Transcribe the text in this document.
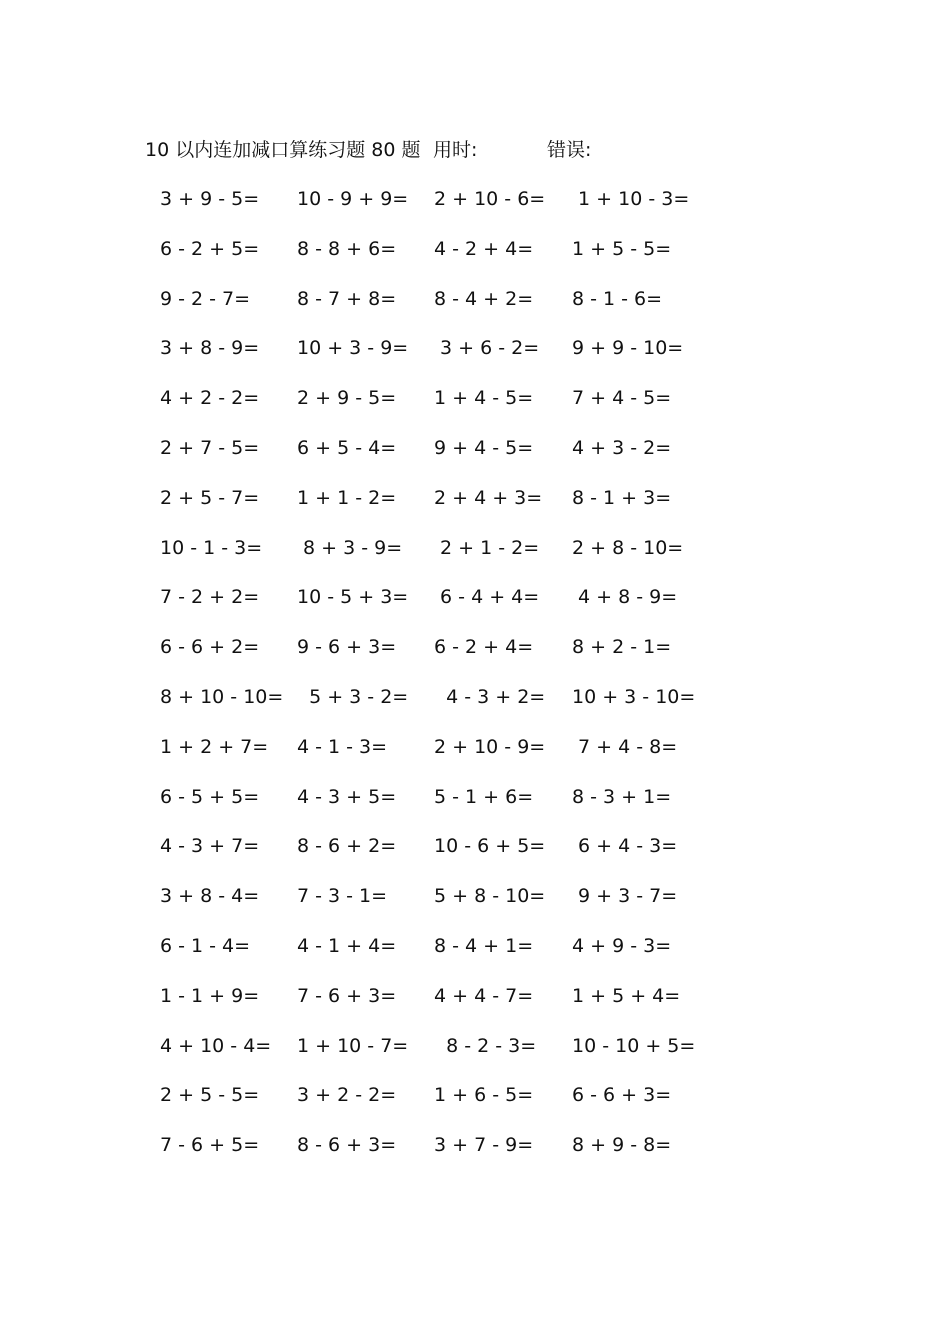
10 以内连加减口算练习题 80 题 用时:	错误:
3 + 9 - 5= 10 - 9 + 9= 2 + 10 - 6= 1 + 10 - 3=
6 - 2 + 5= 8 - 8 + 6= 4 - 2 + 4= 1 + 5 - 5=
9 - 2 - 7= 8 - 7 + 8= 8 - 4 + 2= 8 - 1 - 6=
3 + 8 - 9= 10 + 3 - 9= 3 + 6 - 2= 9 + 9 - 10=
4 + 2 - 2= 2 + 9 - 5= 1 + 4 - 5= 7 + 4 - 5=
2 + 7 - 5= 6 + 5 - 4= 9 + 4 - 5= 4 + 3 - 2=
2 + 5 - 7= 1 + 1 - 2= 2 + 4 + 3= 8 - 1 + 3=
10 - 1 - 3= 8 + 3 - 9= 2 + 1 - 2= 2 + 8 - 10=
7 - 2 + 2= 10 - 5 + 3= 6 - 4 + 4= 4 + 8 - 9=
6 - 6 + 2= 9 - 6 + 3= 6 - 2 + 4= 8 + 2 - 1=
8 + 10 - 10= 5 + 3 - 2= 4 - 3 + 2= 10 + 3 - 10=
1 + 2 + 7= 4 - 1 - 3= 2 + 10 - 9= 7 + 4 - 8=
6 - 5 + 5= 4 - 3 + 5= 5 - 1 + 6= 8 - 3 + 1=
4 - 3 + 7= 8 - 6 + 2= 10 - 6 + 5= 6 + 4 - 3=
3 + 8 - 4= 7 - 3 - 1= 5 + 8 - 10= 9 + 3 - 7=
6 - 1 - 4= 4 - 1 + 4= 8 - 4 + 1= 4 + 9 - 3=
1 - 1 + 9= 7 - 6 + 3= 4 + 4 - 7= 1 + 5 + 4=
4 + 10 - 4= 1 + 10 - 7= 8 - 2 - 3= 10 - 10 + 5=
2 + 5 - 5= 3 + 2 - 2= 1 + 6 - 5= 6 - 6 + 3=
7 - 6 + 5= 8 - 6 + 3= 3 + 7 - 9= 8 + 9 - 8=
